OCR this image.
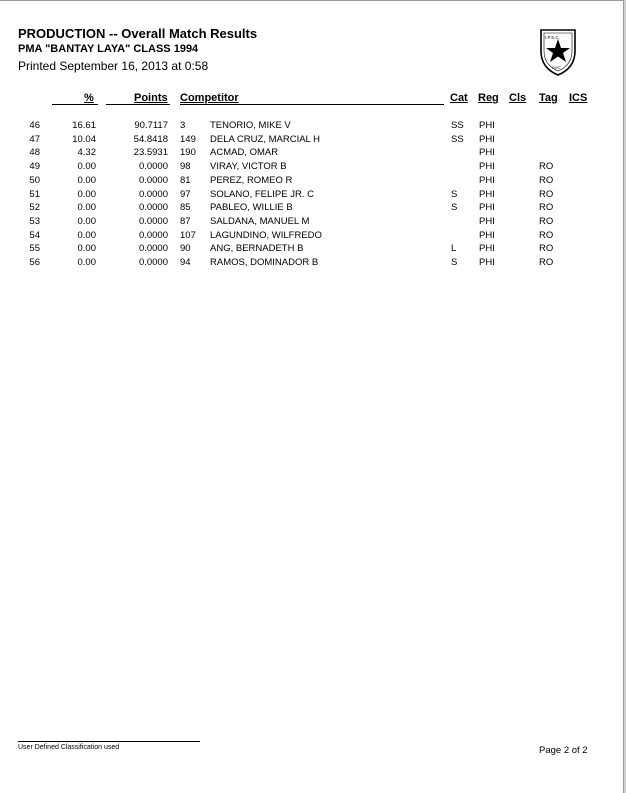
PRODUCTION -- Overall Match Results
PMA "BANTAY LAYA" CLASS 1994
Printed September 16, 2013 at 0:58
I.P.S.C.
DVC
%	Points Competitor	Cat Reg Cls Tag ICS
46	16.61	90.7117 3	TENORIO, MIKE V	SS PHI
47	10.04	54.8418 149 DELA CRUZ, MARCIAL H	SS PHI
48	4.32	23.5931 190 ACMAD, OMAR	PHI
49	0.00	0.0000 98 VIRAY, VICTOR B	PHI	RO
50	0.00	0.0000 81 PEREZ, ROMEO R	PHI	RO
51	0.00	0.0000 97 SOLANO, FELIPE JR. C	S PHI	RO
52	0.00	0.0000 85 PABLEO, WILLIE B	S PHI	RO
53	0.00	0.0000 87 SALDANA, MANUEL M	PHI	RO
54	0.00	0.0000 107 LAGUNDINO, WILFREDO	PHI	RO
55	0.00	0.0000 90 ANG, BERNADETH B	L PHI	RO
56	0.00	0.0000 94 RAMOS, DOMINADOR B	S PHI	RO
User Defined Classification used	Page 2 of 2
